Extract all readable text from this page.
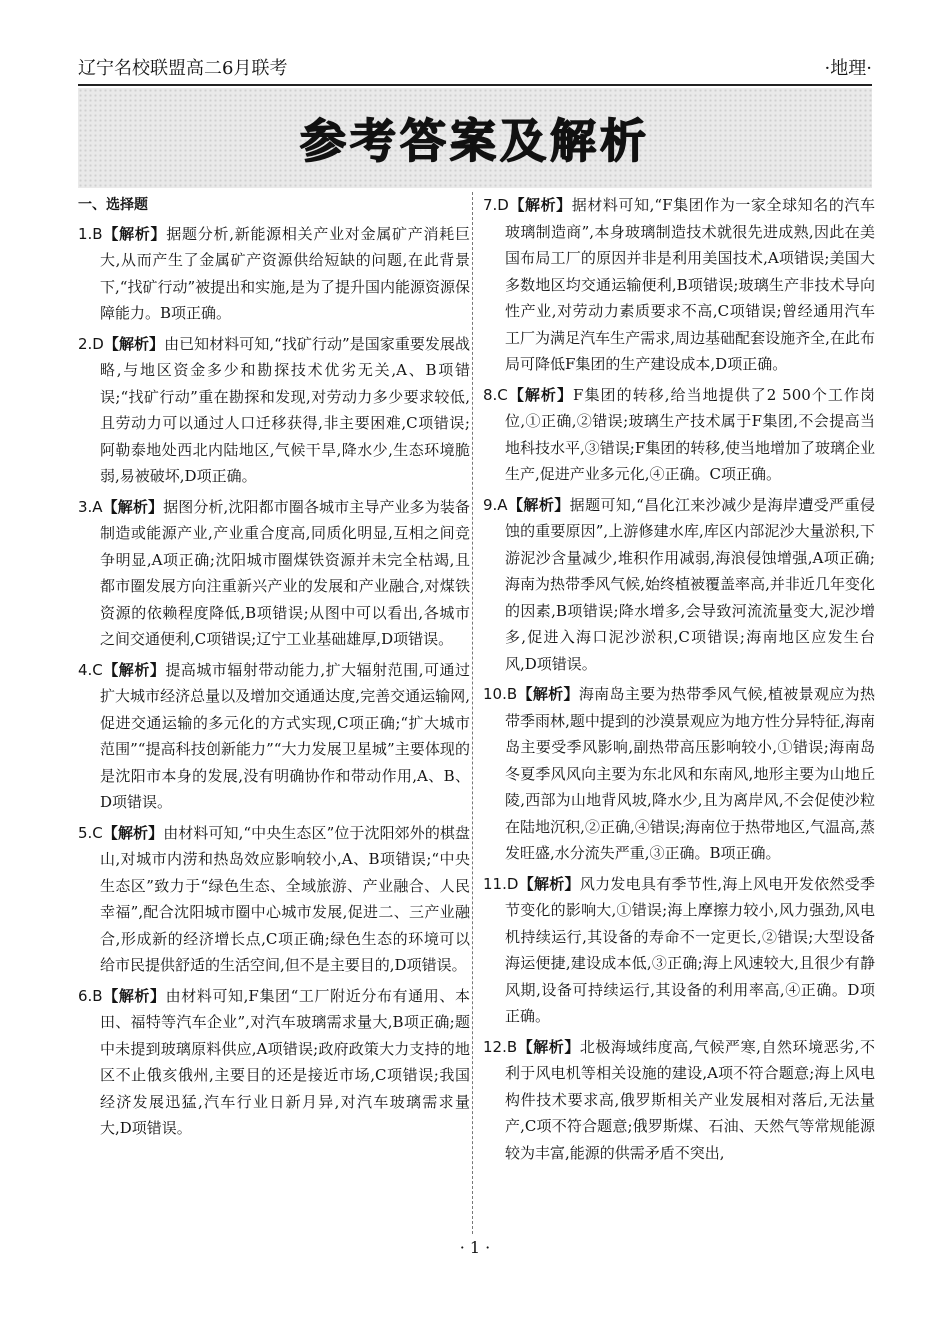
辽宁名校联盟高二6月联考	·地理·
参考答案及解析
一、选择题

1.B【解析】据题分析,新能源相关产业对金属矿产消耗巨大,从而产生了金属矿产资源供给短缺的问题,在此背景下,“找矿行动”被提出和实施,是为了提升国内能源资源保障能力。B项正确。

2.D【解析】由已知材料可知,“找矿行动”是国家重要发展战略,与地区资金多少和勘探技术优劣无关,A、B项错误;“找矿行动”重在勘探和发现,对劳动力多少要求较低,且劳动力可以通过人口迁移获得,非主要困难,C项错误;阿勒泰地处西北内陆地区,气候干旱,降水少,生态环境脆弱,易被破坏,D项正确。

3.A【解析】据图分析,沈阳都市圈各城市主导产业多为装备制造或能源产业,产业重合度高,同质化明显,互相之间竞争明显,A项正确;沈阳城市圈煤铁资源并未完全枯竭,且都市圈发展方向注重新兴产业的发展和产业融合,对煤铁资源的依赖程度降低,B项错误;从图中可以看出,各城市之间交通便利,C项错误;辽宁工业基础雄厚,D项错误。

4.C【解析】提高城市辐射带动能力,扩大辐射范围,可通过扩大城市经济总量以及增加交通通达度,完善交通运输网,促进交通运输的多元化的方式实现,C项正确;“扩大城市范围”“提高科技创新能力”“大力发展卫星城”主要体现的是沈阳市本身的发展,没有明确协作和带动作用,A、B、D项错误。

5.C【解析】由材料可知,“中央生态区”位于沈阳郊外的棋盘山,对城市内涝和热岛效应影响较小,A、B项错误;“中央生态区”致力于“绿色生态、全域旅游、产业融合、人民幸福”,配合沈阳城市圈中心城市发展,促进二、三产业融合,形成新的经济增长点,C项正确;绿色生态的环境可以给市民提供舒适的生活空间,但不是主要目的,D项错误。

6.B【解析】由材料可知,F集团“工厂附近分布有通用、本田、福特等汽车企业”,对汽车玻璃需求量大,B项正确;题中未提到玻璃原料供应,A项错误;政府政策大力支持的地区不止俄亥俄州,主要目的还是接近市场,C项错误;我国经济发展迅猛,汽车行业日新月异,对汽车玻璃需求量大,D项错误。

7.D【解析】据材料可知,“F集团作为一家全球知名的汽车玻璃制造商”,本身玻璃制造技术就很先进成熟,因此在美国布局工厂的原因并非是利用美国技术,A项错误;美国大多数地区均交通运输便利,B项错误;玻璃生产非技术导向性产业,对劳动力素质要求不高,C项错误;曾经通用汽车工厂为满足汽车生产需求,周边基础配套设施齐全,在此布局可降低F集团的生产建设成本,D项正确。

8.C【解析】F集团的转移,给当地提供了2 500个工作岗位,①正确,②错误;玻璃生产技术属于F集团,不会提高当地科技水平,③错误;F集团的转移,使当地增加了玻璃企业生产,促进产业多元化,④正确。C项正确。

9.A【解析】据题可知,“昌化江来沙减少是海岸遭受严重侵蚀的重要原因”,上游修建水库,库区内部泥沙大量淤积,下游泥沙含量减少,堆积作用减弱,海浪侵蚀增强,A项正确;海南为热带季风气候,始终植被覆盖率高,并非近几年变化的因素,B项错误;降水增多,会导致河流流量变大,泥沙增多,促进入海口泥沙淤积,C项错误;海南地区应发生台风,D项错误。

10.B【解析】海南岛主要为热带季风气候,植被景观应为热带季雨林,题中提到的沙漠景观应为地方性分异特征,海南岛主要受季风影响,副热带高压影响较小,①错误;海南岛冬夏季风风向主要为东北风和东南风,地形主要为山地丘陵,西部为山地背风坡,降水少,且为离岸风,不会促使沙粒在陆地沉积,②正确,④错误;海南位于热带地区,气温高,蒸发旺盛,水分流失严重,③正确。B项正确。

11.D【解析】风力发电具有季节性,海上风电开发依然受季节变化的影响大,①错误;海上摩擦力较小,风力强劲,风电机持续运行,其设备的寿命不一定更长,②错误;大型设备海运便捷,建设成本低,③正确;海上风速较大,且很少有静风期,设备可持续运行,其设备的利用率高,④正确。D项正确。

12.B【解析】北极海域纬度高,气候严寒,自然环境恶劣,不利于风电机等相关设施的建设,A项不符合题意;海上风电构件技术要求高,俄罗斯相关产业发展相对落后,无法量产,C项不符合题意;俄罗斯煤、石油、天然气等常规能源较为丰富,能源的供需矛盾不突出,

· 1 ·
